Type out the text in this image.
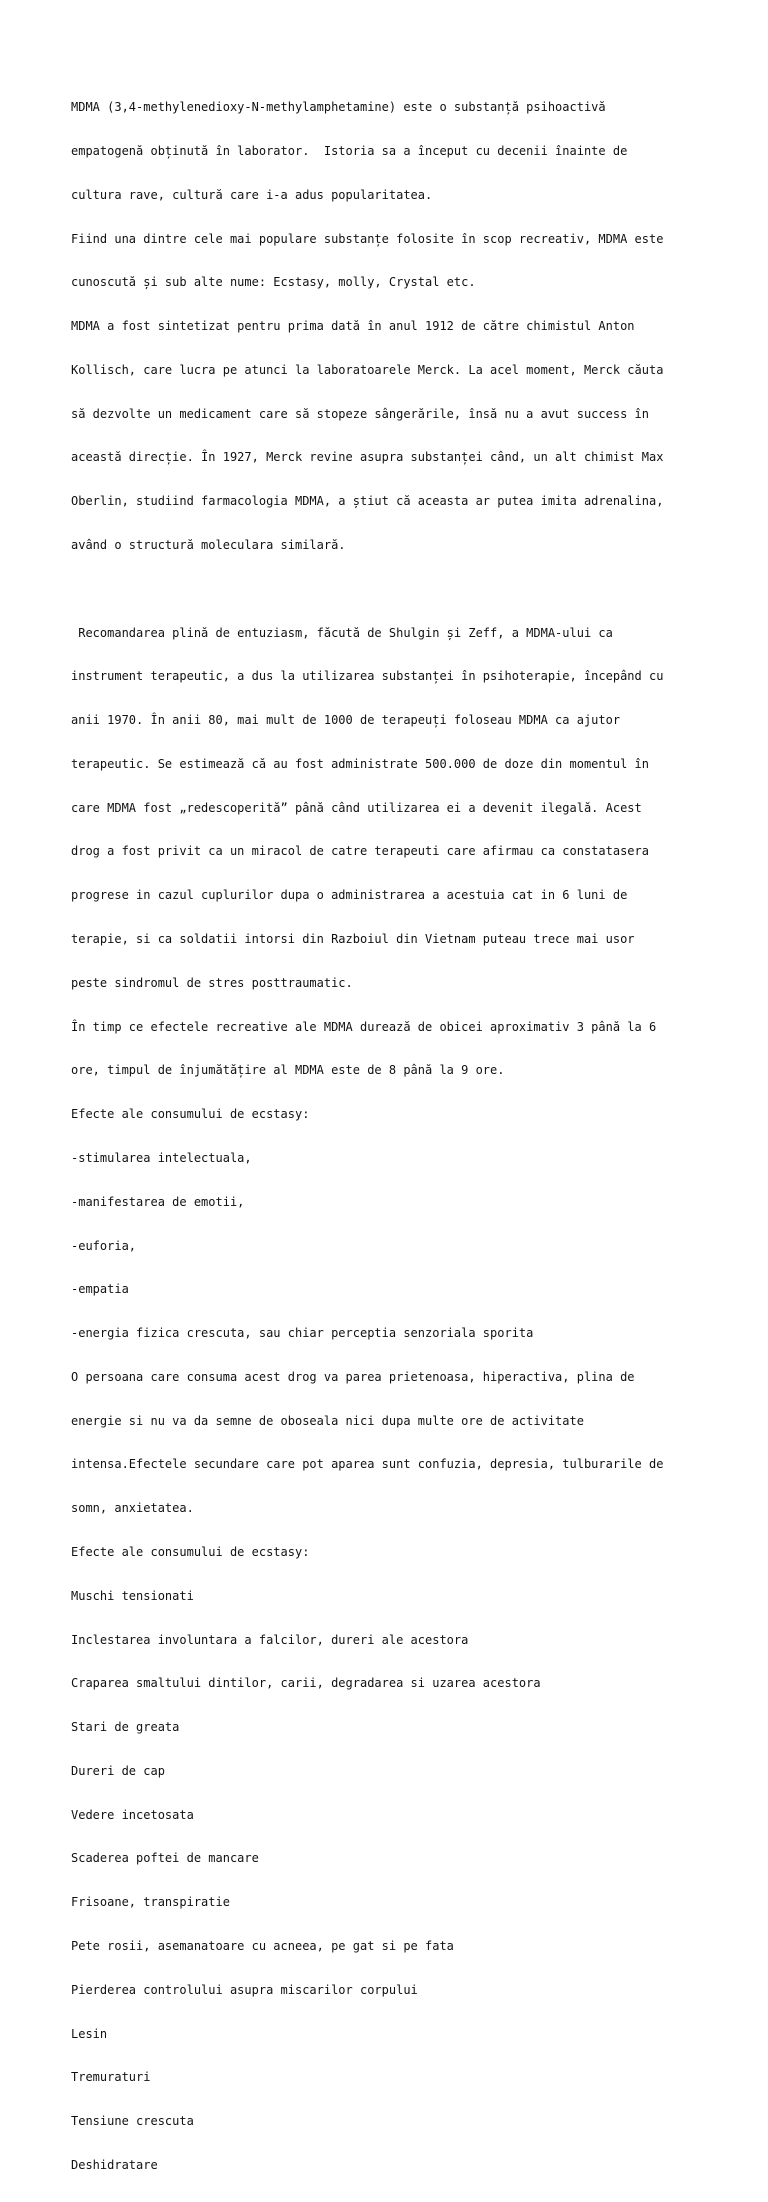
MDMA (3,4-methylenedioxy-N-methylamphetamine) este o substanță psihoactivă

empatogenă obținută în laborator.  Istoria sa a început cu decenii înainte de

cultura rave, cultură care i-a adus popularitatea.

Fiind una dintre cele mai populare substanțe folosite în scop recreativ, MDMA este

cunoscută și sub alte nume: Ecstasy, molly, Crystal etc.

MDMA a fost sintetizat pentru prima dată în anul 1912 de către chimistul Anton

Kollisch, care lucra pe atunci la laboratoarele Merck. La acel moment, Merck căuta

să dezvolte un medicament care să stopeze sângerările, însă nu a avut success în

această direcție. În 1927, Merck revine asupra substanței când, un alt chimist Max

Oberlin, studiind farmacologia MDMA, a știut că aceasta ar putea imita adrenalina,

având o structură moleculara similară.

Recomandarea plină de entuziasm, făcută de Shulgin și Zeff, a MDMA-ului ca

instrument terapeutic, a dus la utilizarea substanței în psihoterapie, începând cu

anii 1970. În anii 80, mai mult de 1000 de terapeuți foloseau MDMA ca ajutor

terapeutic. Se estimează că au fost administrate 500.000 de doze din momentul în

care MDMA fost „redescoperită” până când utilizarea ei a devenit ilegală. Acest

drog a fost privit ca un miracol de catre terapeuti care afirmau ca constatasera

progrese in cazul cuplurilor dupa o administrarea a acestuia cat in 6 luni de

terapie, si ca soldatii intorsi din Razboiul din Vietnam puteau trece mai usor

peste sindromul de stres posttraumatic.

În timp ce efectele recreative ale MDMA durează de obicei aproximativ 3 până la 6

ore, timpul de înjumătățire al MDMA este de 8 până la 9 ore.

Efecte ale consumului de ecstasy:

-stimularea intelectuala,

-manifestarea de emotii,

-euforia,

-empatia

-energia fizica crescuta, sau chiar perceptia senzoriala sporita

O persoana care consuma acest drog va parea prietenoasa, hiperactiva, plina de

energie si nu va da semne de oboseala nici dupa multe ore de activitate

intensa.Efectele secundare care pot aparea sunt confuzia, depresia, tulburarile de

somn, anxietatea.

Efecte ale consumului de ecstasy:

Muschi tensionati

Inclestarea involuntara a falcilor, dureri ale acestora

Craparea smaltului dintilor, carii, degradarea si uzarea acestora

Stari de greata

Dureri de cap

Vedere incetosata

Scaderea poftei de mancare

Frisoane, transpiratie

Pete rosii, asemanatoare cu acneea, pe gat si pe fata

Pierderea controlului asupra miscarilor corpului

Lesin

Tremuraturi

Tensiune crescuta

Deshidratare
